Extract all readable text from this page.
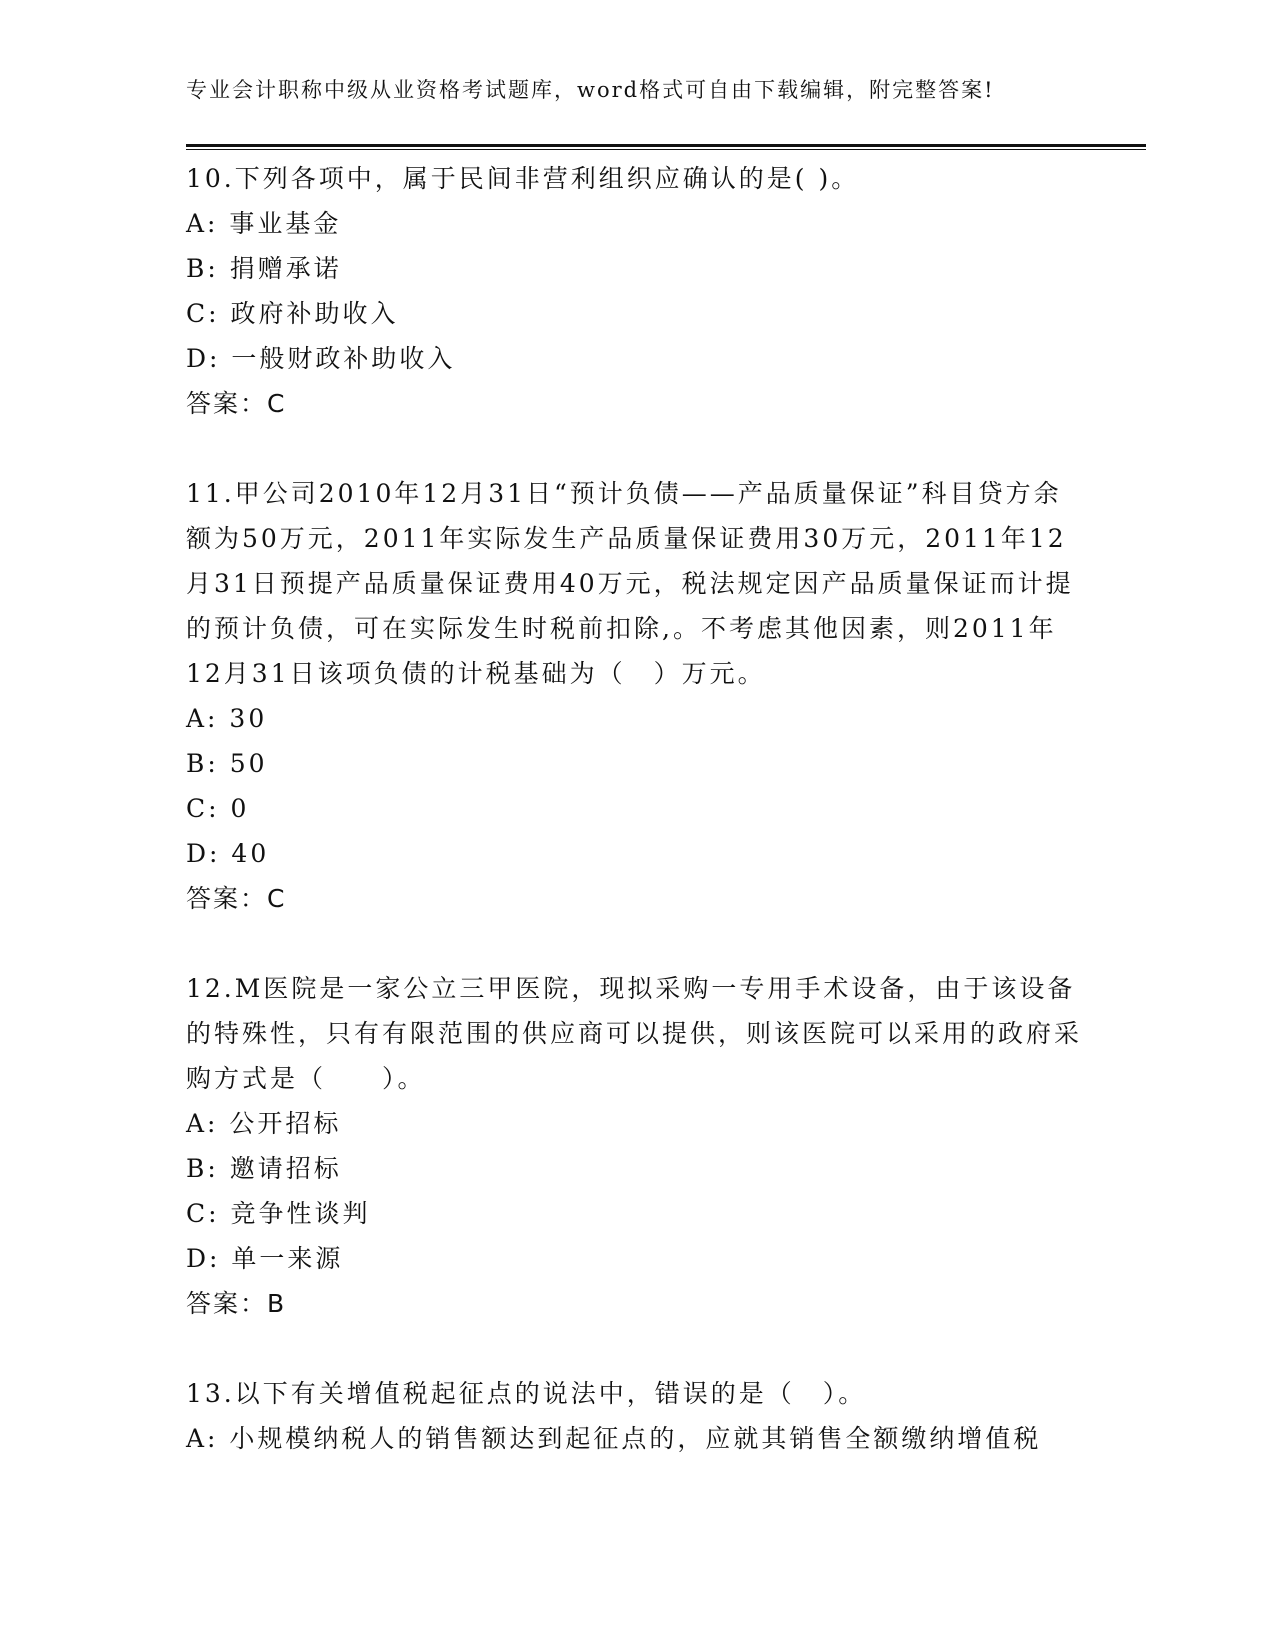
专业会计职称中级从业资格考试题库，word格式可自由下载编辑，附完整答案!
10.下列各项中，属于民间非营利组织应确认的是( )。
A: 事业基金
B: 捐赠承诺
C: 政府补助收入
D: 一般财政补助收入
答案：C
11.甲公司2010年12月31日“预计负债——产品质量保证”科目贷方余额为50万元，2011年实际发生产品质量保证费用30万元，2011年12月31日预提产品质量保证费用40万元，税法规定因产品质量保证而计提的预计负债，可在实际发生时税前扣除,。不考虑其他因素，则2011年12月31日该项负债的计税基础为（　）万元。
A: 30
B: 50
C: 0
D: 40
答案：C
12.M医院是一家公立三甲医院，现拟采购一专用手术设备，由于该设备的特殊性，只有有限范围的供应商可以提供，则该医院可以采用的政府采购方式是（　　）。
A: 公开招标
B: 邀请招标
C: 竞争性谈判
D: 单一来源
答案：B
13.以下有关增值税起征点的说法中，错误的是（　）。
A: 小规模纳税人的销售额达到起征点的，应就其销售全额缴纳增值税
